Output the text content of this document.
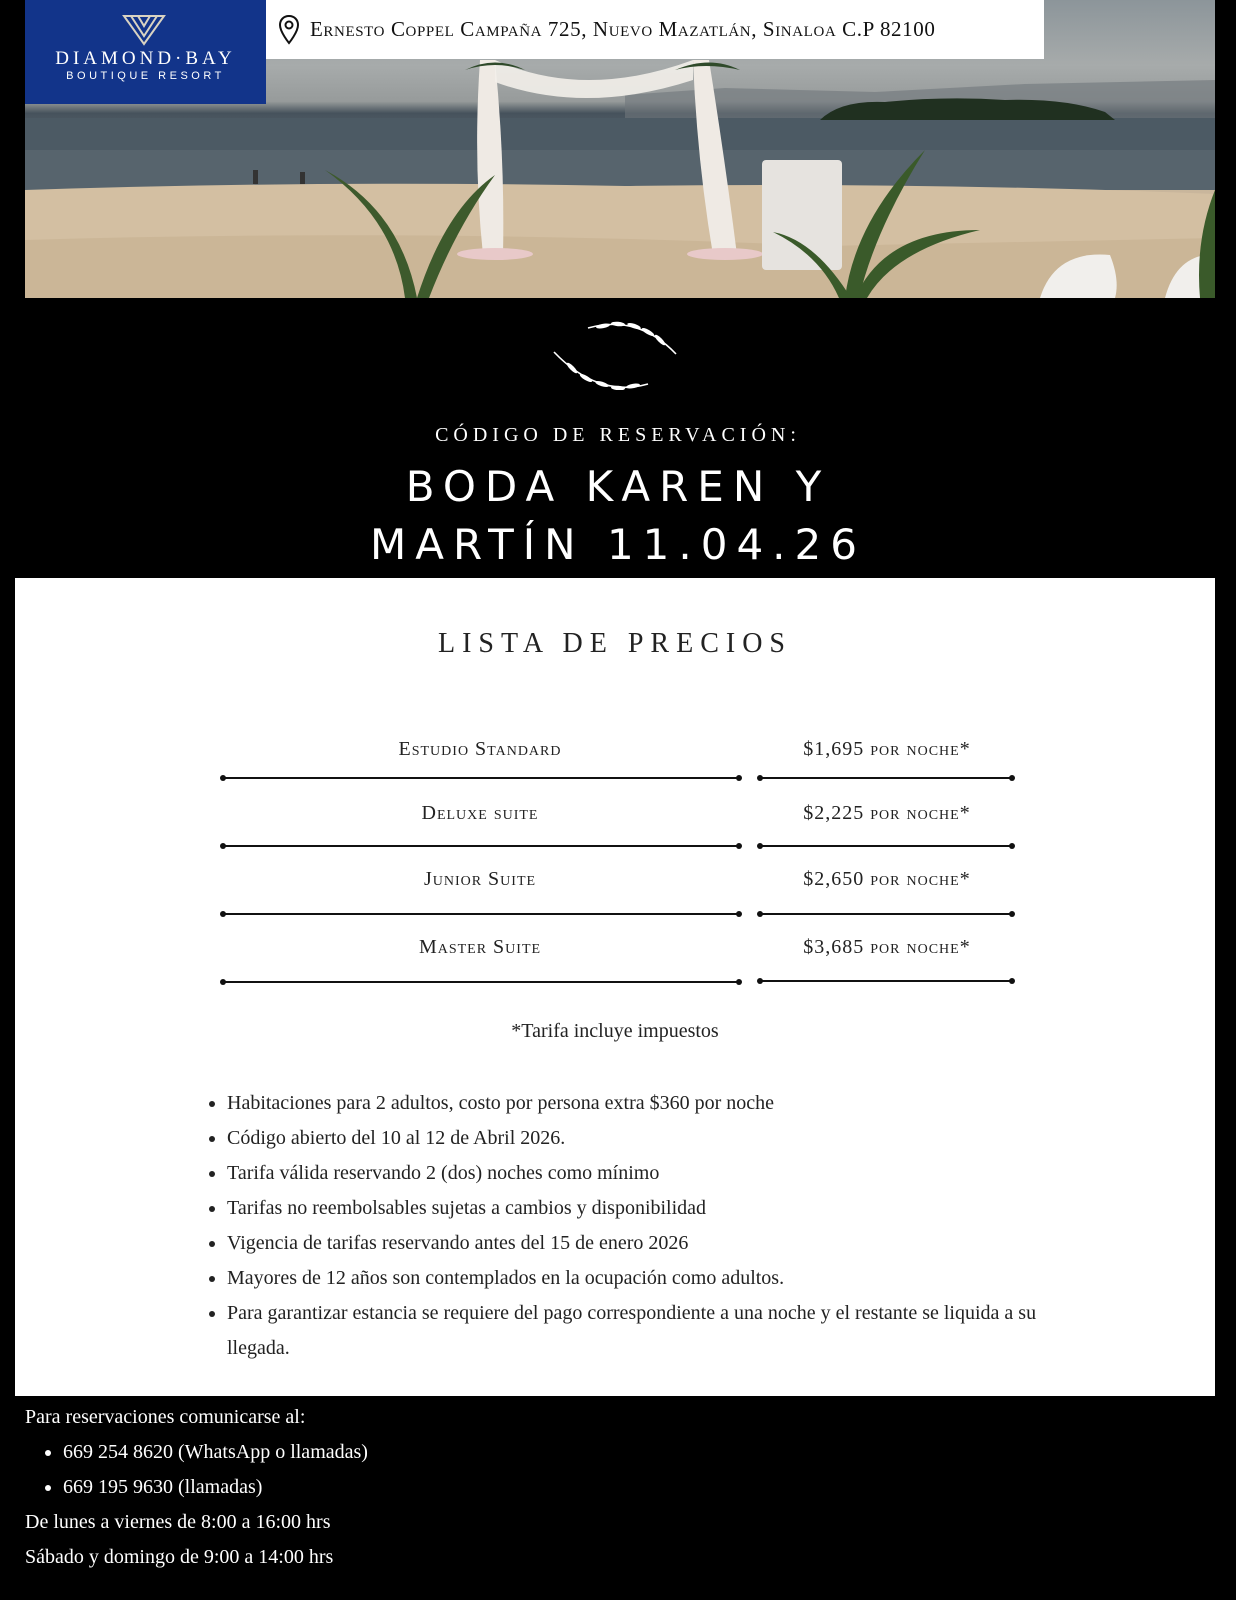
DIAMOND·BAY
BOUTIQUE RESORT
Ernesto Coppel Campaña 725, Nuevo Mazatlán, Sinaloa C.P 82100
CÓDIGO DE RESERVACIÓN:
BODA KAREN Y
MARTÍN 11.04.26
LISTA DE PRECIOS
Estudio Standard	$1,695 por noche*
Deluxe suite	$2,225 por noche*
Junior Suite	$2,650 por noche*
Master Suite	$3,685 por noche*
*Tarifa incluye impuestos
• Habitaciones para 2 adultos, costo por persona extra $360 por noche
• Código abierto del 10 al 12 de Abril 2026.
• Tarifa válida reservando 2 (dos) noches como mínimo
• Tarifas no reembolsables sujetas a cambios y disponibilidad
• Vigencia de tarifas reservando antes del 15 de enero 2026
• Mayores de 12 años son contemplados en la ocupación como adultos.
• Para garantizar estancia se requiere del pago correspondiente a una noche y el restante se liquida a su llegada.
Para reservaciones comunicarse al:
• 669 254 8620 (WhatsApp o llamadas)
• 669 195 9630 (llamadas)
De lunes a viernes de 8:00 a 16:00 hrs
Sábado y domingo de 9:00 a 14:00 hrs
